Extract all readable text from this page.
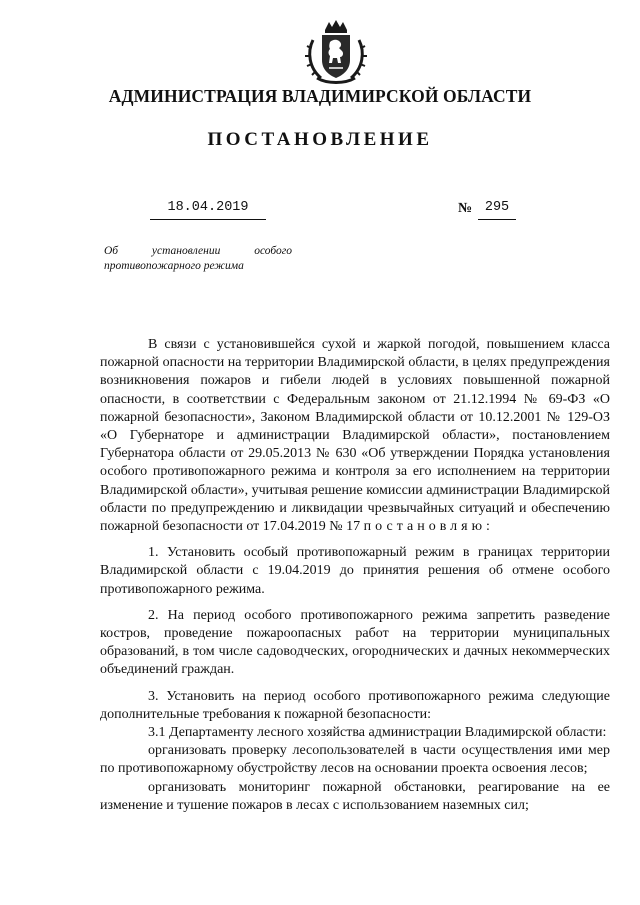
АДМИНИСТРАЦИЯ ВЛАДИМИРСКОЙ ОБЛАСТИ
ПОСТАНОВЛЕНИЕ
18.04.2019	№ 295
Об	установлении	особого
противопожарного режима

В связи с установившейся сухой и жаркой погодой, повышением класса пожарной опасности на территории Владимирской области, в целях предупреждения возникновения пожаров и гибели людей в условиях повышенной пожарной опасности, в соответствии с Федеральным законом от 21.12.1994 № 69-ФЗ «О пожарной безопасности», Законом Владимирской области от 10.12.2001 № 129-ОЗ «О Губернаторе и администрации Владимирской области», постановлением Губернатора области от 29.05.2013 № 630 «Об утверждении Порядка установления особого противопожарного режима и контроля за его исполнением на территории Владимирской области», учитывая решение комиссии администрации Владимирской области по предупреждению и ликвидации чрезвычайных ситуаций и обеспечению пожарной безопасности от 17.04.2019 № 17 постановляю:

1. Установить особый противопожарный режим в границах территории Владимирской области с 19.04.2019 до принятия решения об отмене особого противопожарного режима.

2. На период особого противопожарного режима запретить разведение костров, проведение пожароопасных работ на территории муниципальных образований, в том числе садоводческих, огороднических и дачных некоммерческих объединений граждан.

3. Установить на период особого противопожарного режима следующие дополнительные требования к пожарной безопасности:

3.1 Департаменту лесного хозяйства администрации Владимирской области:

организовать проверку лесопользователей в части осуществления ими мер по противопожарному обустройству лесов на основании проекта освоения лесов;

организовать мониторинг пожарной обстановки, реагирование на ее изменение и тушение пожаров в лесах с использованием наземных сил;
